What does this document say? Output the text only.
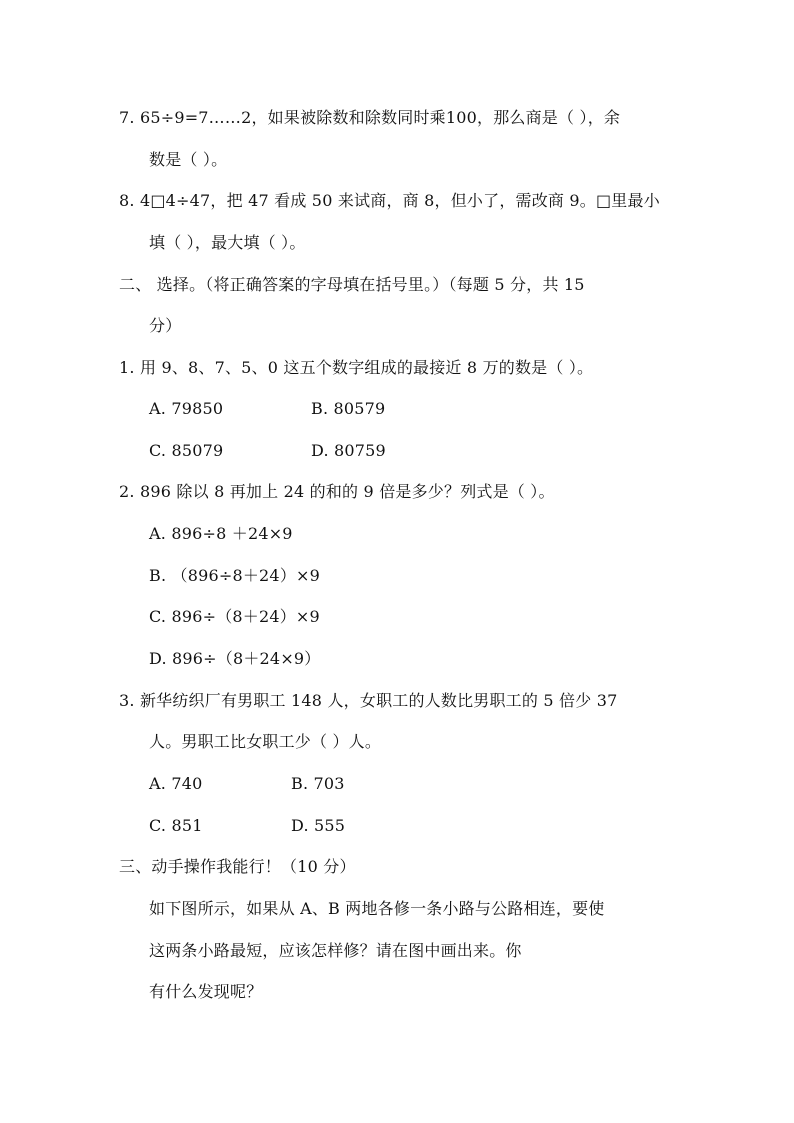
7. 65÷9=7……2，如果被除数和除数同时乘100，那么商是（ ），余
数是（ ）。
8. 4□4÷47，把 47 看成 50 来试商，商 8，但小了，需改商 9。□里最小
填（ ），最大填（ ）。
二、 选择。（将正确答案的字母填在括号里。）（每题 5 分，共 15
分）
1. 用 9、8、7、5、0 这五个数字组成的最接近 8 万的数是（ ）。
A. 79850	B. 80579
C. 85079	D. 80759
2. 896 除以 8 再加上 24 的和的 9 倍是多少？列式是（ ）。
A. 896÷8 ＋24×9
B. （896÷8＋24）×9
C. 896÷（8＋24）×9
D. 896÷（8＋24×9）
3. 新华纺织厂有男职工 148 人，女职工的人数比男职工的 5 倍少 37
人。男职工比女职工少（ ）人。
A. 740	B. 703
C. 851	D. 555
三、动手操作我能行！（10 分）
如下图所示，如果从 A、B 两地各修一条小路与公路相连，要使
这两条小路最短，应该怎样修？请在图中画出来。你
有什么发现呢？
